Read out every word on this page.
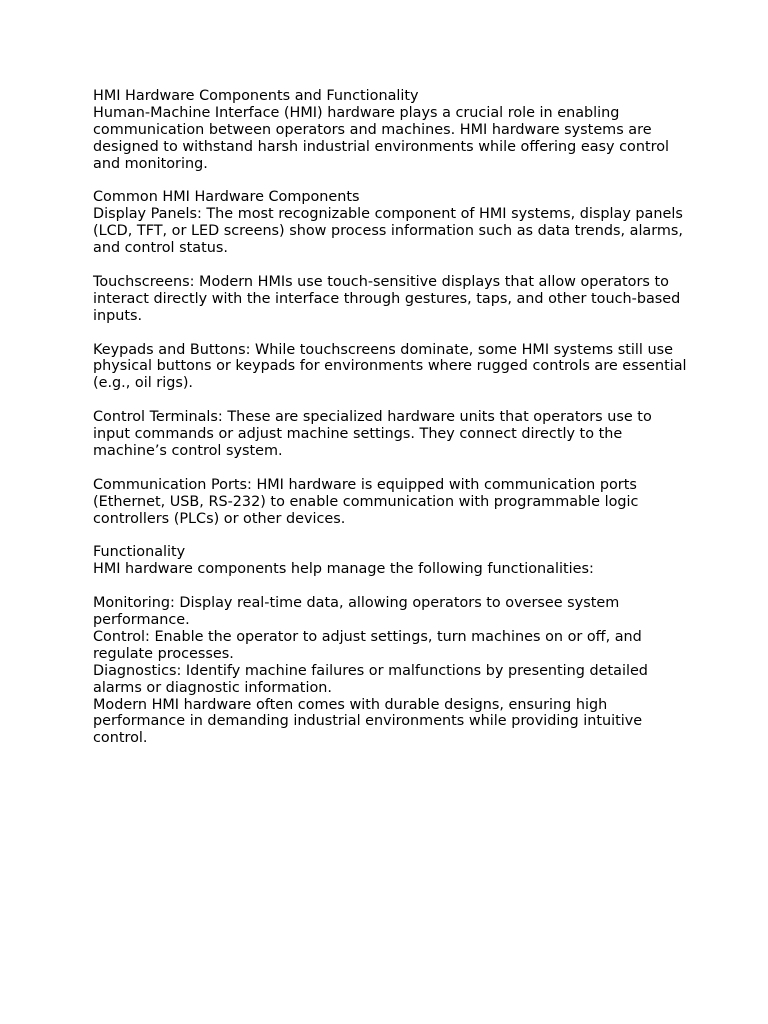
HMI Hardware Components and Functionality

Human-Machine Interface (HMI) hardware plays a crucial role in enabling communication between operators and machines. HMI hardware systems are designed to withstand harsh industrial environments while offering easy control and monitoring.

Common HMI Hardware Components

Display Panels: The most recognizable component of HMI systems, display panels (LCD, TFT, or LED screens) show process information such as data trends, alarms, and control status.

Touchscreens: Modern HMIs use touch-sensitive displays that allow operators to interact directly with the interface through gestures, taps, and other touch-based inputs.

Keypads and Buttons: While touchscreens dominate, some HMI systems still use physical buttons or keypads for environments where rugged controls are essential (e.g., oil rigs).

Control Terminals: These are specialized hardware units that operators use to input commands or adjust machine settings. They connect directly to the machine’s control system.

Communication Ports: HMI hardware is equipped with communication ports (Ethernet, USB, RS-232) to enable communication with programmable logic controllers (PLCs) or other devices.

Functionality

HMI hardware components help manage the following functionalities:

Monitoring: Display real-time data, allowing operators to oversee system performance.

Control: Enable the operator to adjust settings, turn machines on or off, and regulate processes.

Diagnostics: Identify machine failures or malfunctions by presenting detailed alarms or diagnostic information.

Modern HMI hardware often comes with durable designs, ensuring high performance in demanding industrial environments while providing intuitive control.
